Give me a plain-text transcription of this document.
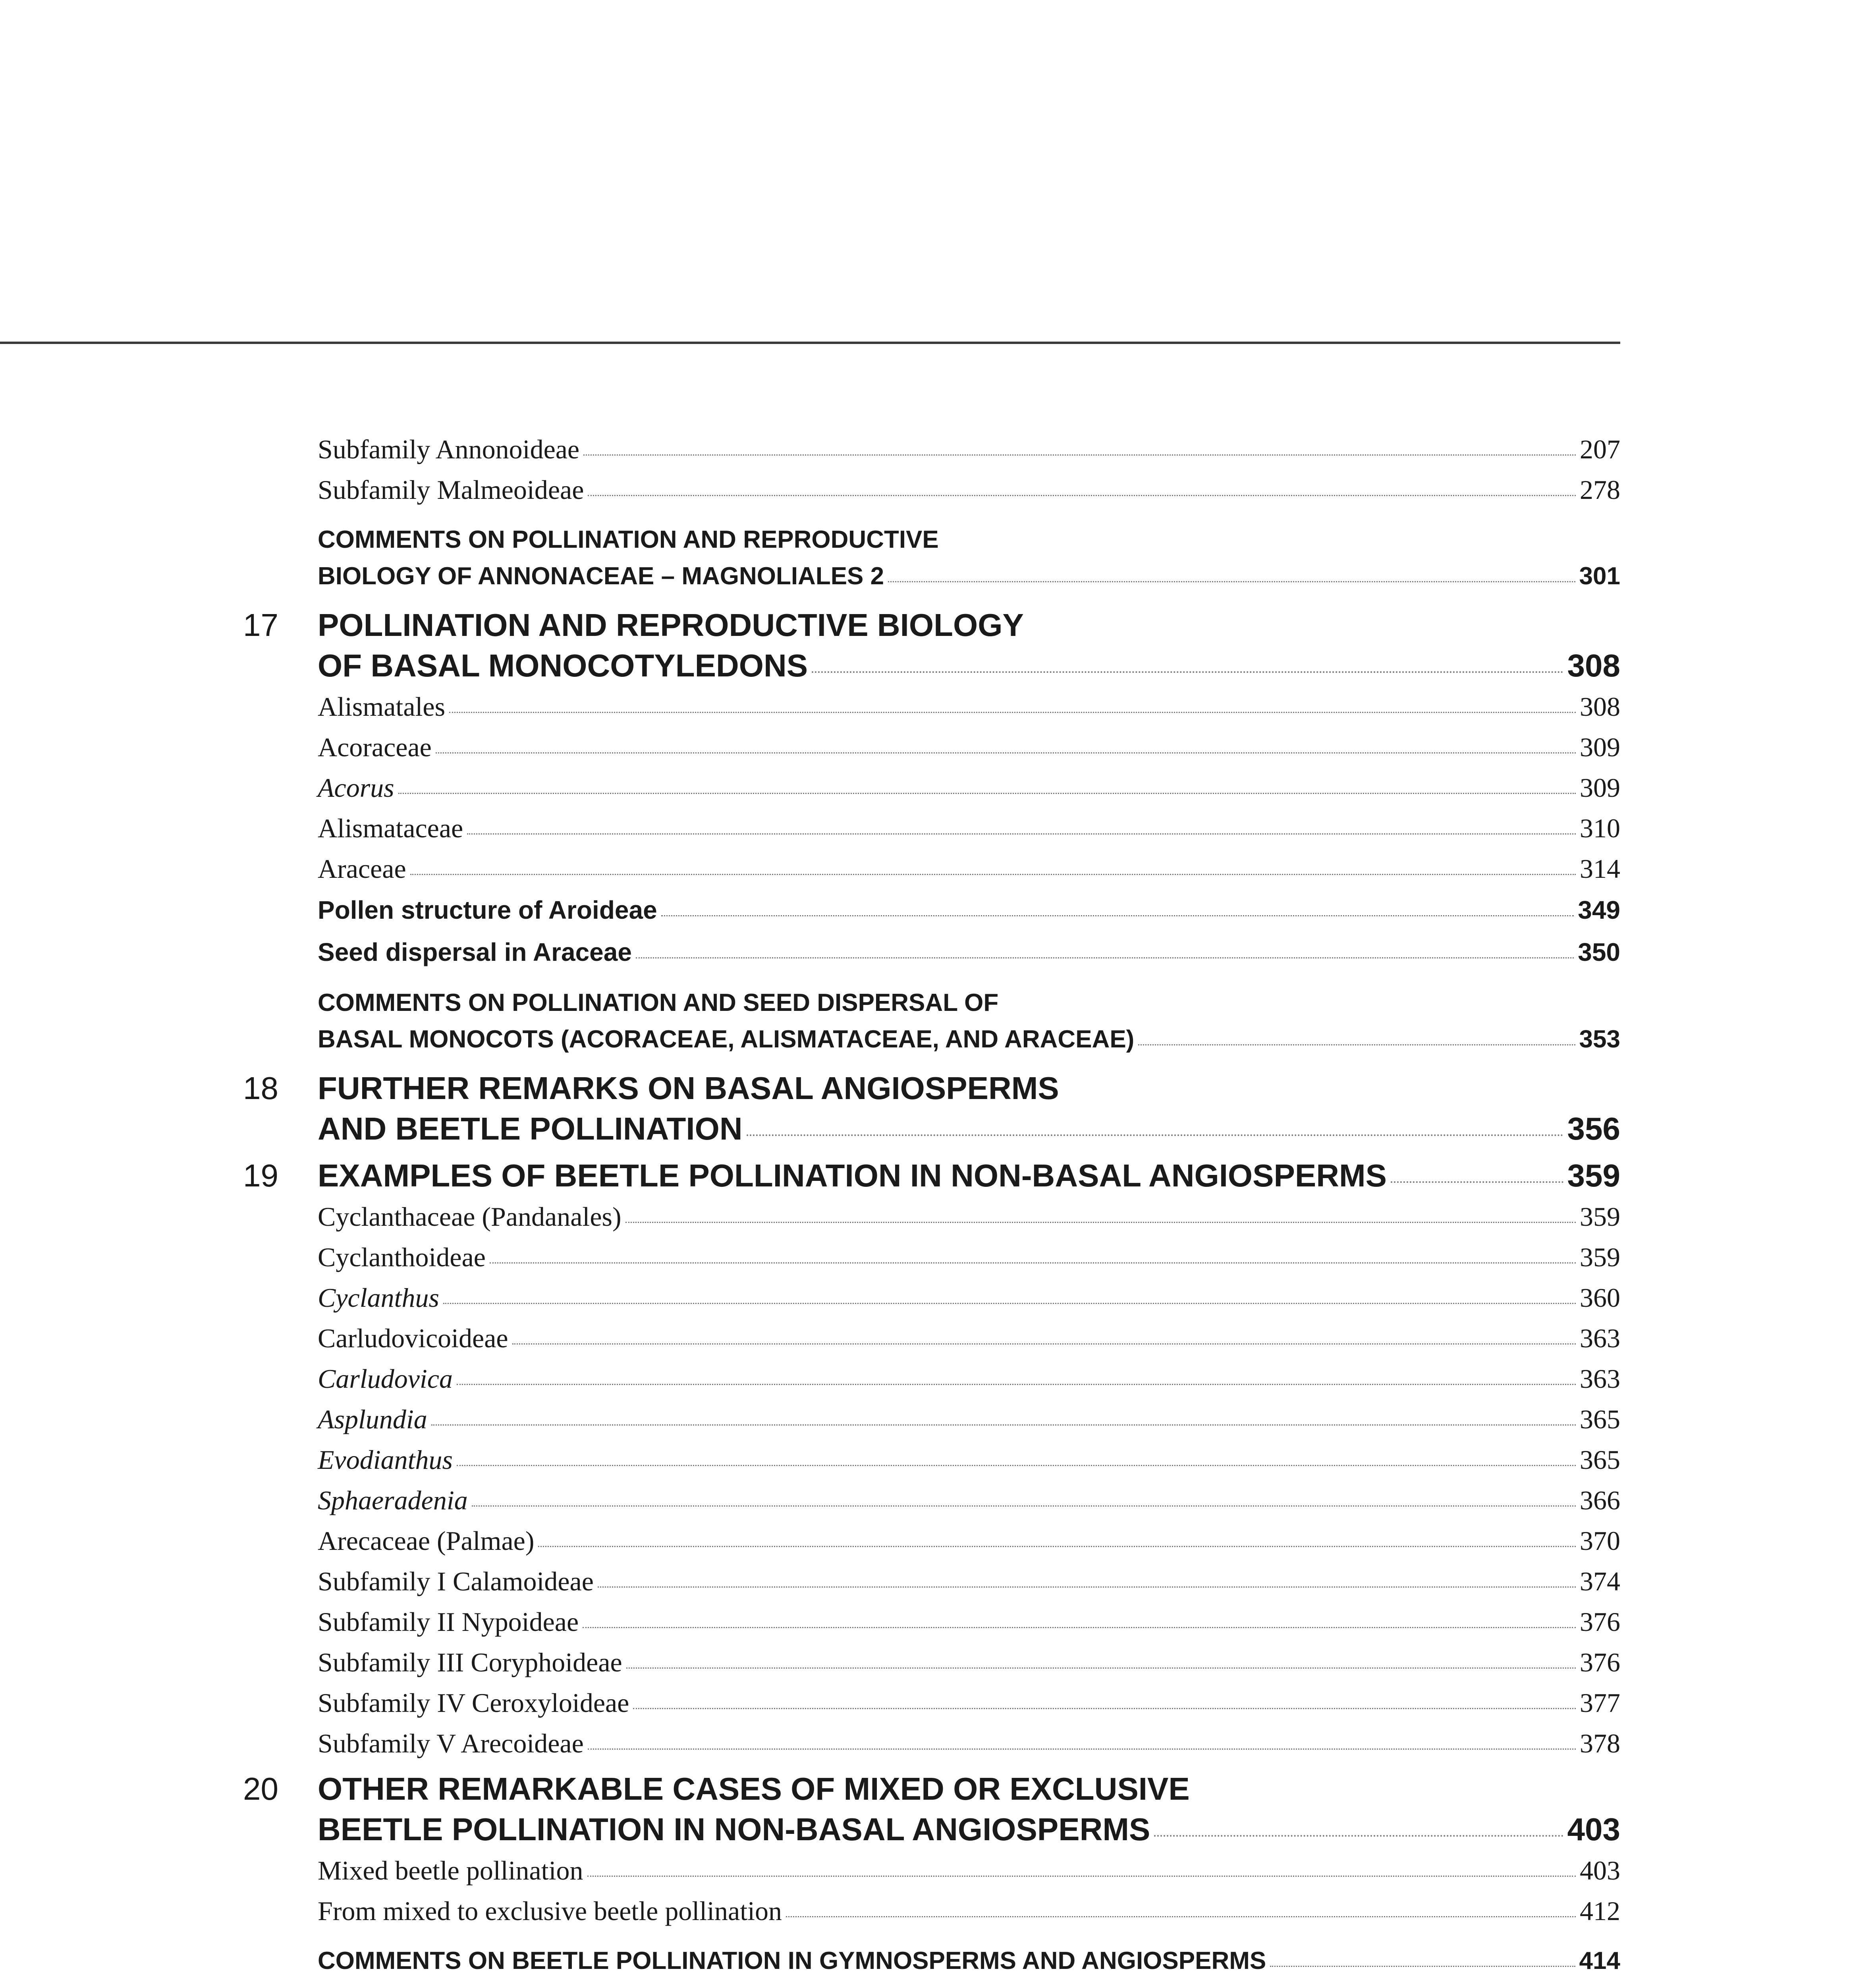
Subfamily Annonoideae	207
Subfamily Malmeoideae	278
COMMENTS ON POLLINATION AND REPRODUCTIVE
BIOLOGY OF ANNONACEAE – MAGNOLIALES 2	301
17	POLLINATION AND REPRODUCTIVE BIOLOGY
OF BASAL MONOCOTYLEDONS	308
Alismatales	308
Acoraceae	309
Acorus	309
Alismataceae	310
Araceae	314
Pollen structure of Aroideae	349
Seed dispersal in Araceae	350
COMMENTS ON POLLINATION AND SEED DISPERSAL OF
BASAL MONOCOTS (ACORACEAE, ALISMATACEAE, AND ARACEAE)	353
18	FURTHER REMARKS ON BASAL ANGIOSPERMS
AND BEETLE POLLINATION	356
19	EXAMPLES OF BEETLE POLLINATION IN NON-BASAL ANGIOSPERMS	359
Cyclanthaceae (Pandanales)	359
Cyclanthoideae	359
Cyclanthus	360
Carludovicoideae	363
Carludovica	363
Asplundia	365
Evodianthus	365
Sphaeradenia	366
Arecaceae (Palmae)	370
Subfamily I Calamoideae	374
Subfamily II Nypoideae	376
Subfamily III Coryphoideae	376
Subfamily IV Ceroxyloideae	377
Subfamily V Arecoideae	378
20	OTHER REMARKABLE CASES OF MIXED OR EXCLUSIVE
BEETLE POLLINATION IN NON-BASAL ANGIOSPERMS	403
Mixed beetle pollination	403
From mixed to exclusive beetle pollination	412
COMMENTS ON BEETLE POLLINATION IN GYMNOSPERMS AND ANGIOSPERMS	414
